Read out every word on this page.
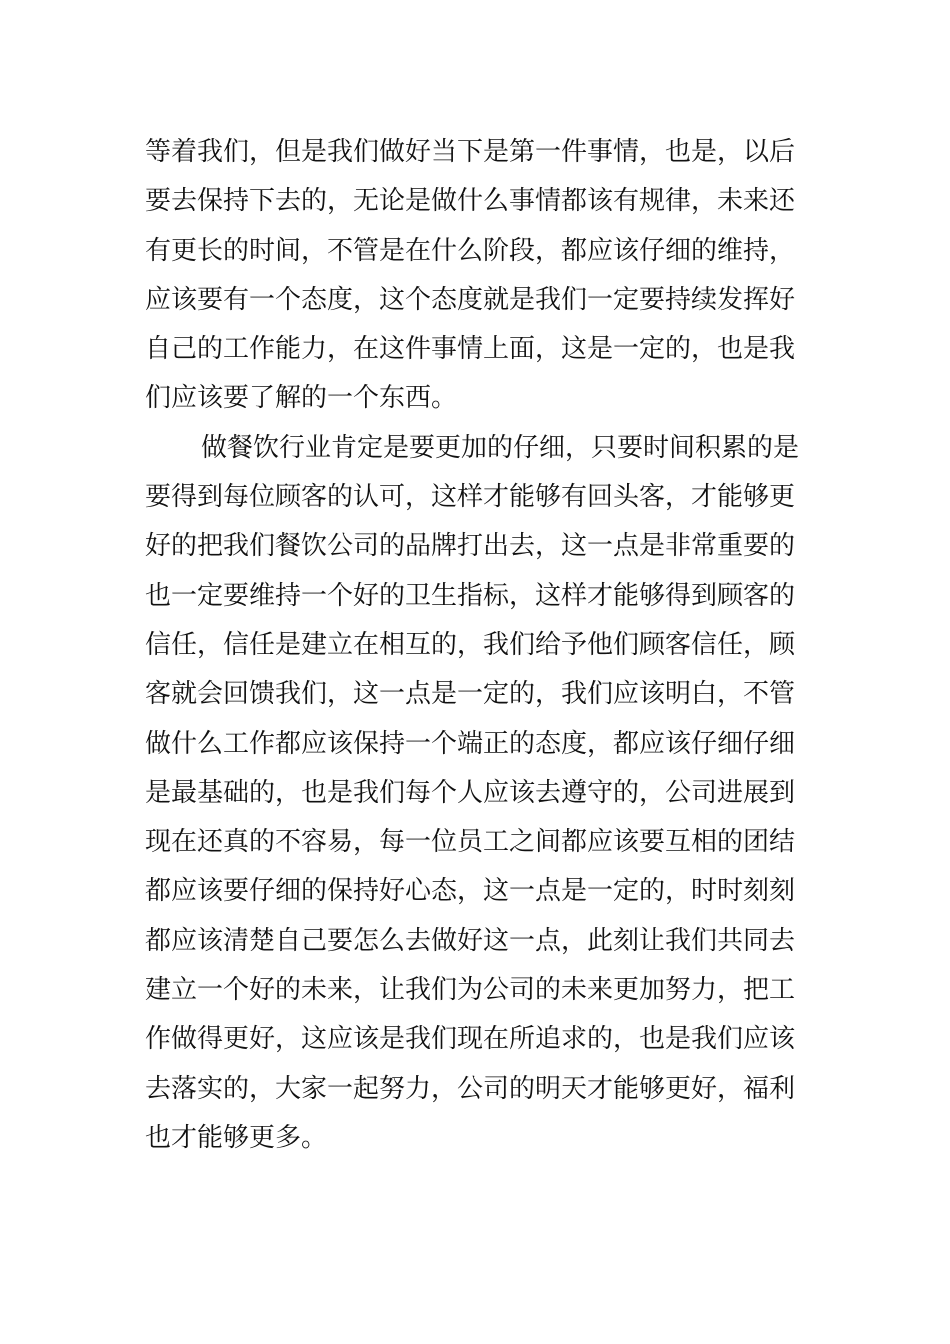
等着我们，但是我们做好当下是第一件事情，也是，以后
要去保持下去的，无论是做什么事情都该有规律，未来还
有更长的时间，不管是在什么阶段，都应该仔细的维持，
应该要有一个态度，这个态度就是我们一定要持续发挥好
自己的工作能力，在这件事情上面，这是一定的，也是我
们应该要了解的一个东西。
做餐饮行业肯定是要更加的仔细，只要时间积累的是
要得到每位顾客的认可，这样才能够有回头客，才能够更
好的把我们餐饮公司的品牌打出去，这一点是非常重要的
也一定要维持一个好的卫生指标，这样才能够得到顾客的
信任，信任是建立在相互的，我们给予他们顾客信任，顾
客就会回馈我们，这一点是一定的，我们应该明白，不管
做什么工作都应该保持一个端正的态度，都应该仔细仔细
是最基础的，也是我们每个人应该去遵守的，公司进展到
现在还真的不容易，每一位员工之间都应该要互相的团结
都应该要仔细的保持好心态，这一点是一定的，时时刻刻
都应该清楚自己要怎么去做好这一点，此刻让我们共同去
建立一个好的未来，让我们为公司的未来更加努力，把工
作做得更好，这应该是我们现在所追求的，也是我们应该
去落实的，大家一起努力，公司的明天才能够更好，福利
也才能够更多。
